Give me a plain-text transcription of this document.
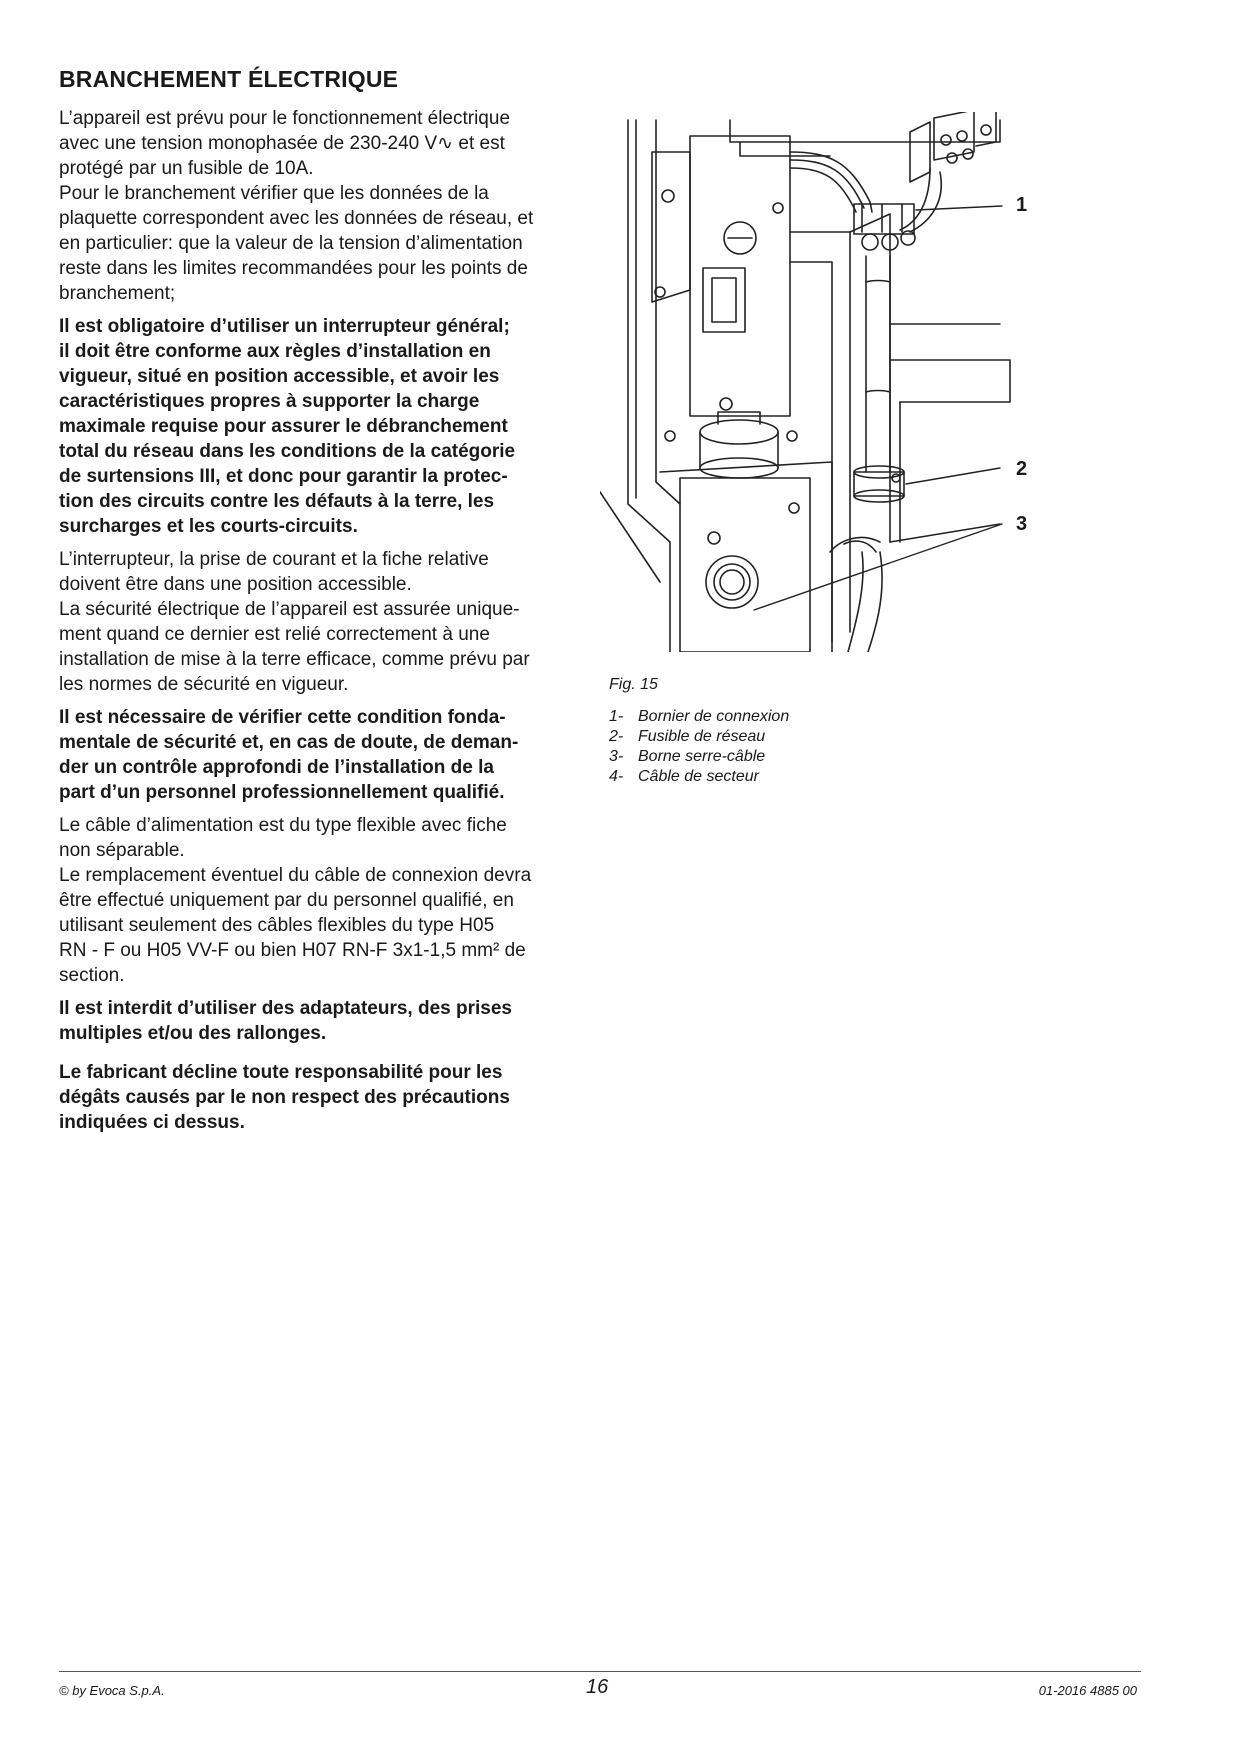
BRANCHEMENT ÉLECTRIQUE

L’appareil est prévu pour le fonctionnement électrique
avec une tension monophasée de 230-240 V∿ et est
protégé par un fusible de 10A.
Pour le branchement vérifier que les données de la
plaquette correspondent avec les données de réseau, et
en particulier: que la valeur de la tension d’alimentation
reste dans les limites recommandées pour les points de
branchement;

Il est obligatoire d’utiliser un interrupteur général;
il doit être conforme aux règles d’installation en
vigueur, situé en position accessible, et avoir les
caractéristiques propres à supporter la charge
maximale requise pour assurer le débranchement
total du réseau dans les conditions de la catégorie
de surtensions III, et donc pour garantir la protec-
tion des circuits contre les défauts à la terre, les
surcharges et les courts-circuits.

L’interrupteur, la prise de courant et la fiche relative
doivent être dans une position accessible.
La sécurité électrique de l’appareil est assurée unique-
ment quand ce dernier est relié correctement à une
installation de mise à la terre efficace, comme prévu par
les normes de sécurité en vigueur.

Il est nécessaire de vérifier cette condition fonda-
mentale de sécurité et, en cas de doute, de deman-
der un contrôle approfondi de l’installation de la
part d’un personnel professionnellement qualifié.

Le câble d’alimentation est du type flexible avec fiche
non séparable.
Le remplacement éventuel du câble de connexion devra
être effectué uniquement par du personnel qualifié, en
utilisant seulement des câbles flexibles du type H05
RN - F ou H05 VV-F ou bien H07 RN-F 3x1-1,5 mm² de
section.

Il est interdit d’utiliser des adaptateurs, des prises
multiples et/ou des rallonges.

Le fabricant décline toute responsabilité pour les
dégâts causés par le non respect des précautions
indiquées ci dessus.

1
2
3
Fig. 15
1- Bornier de connexion
2- Fusible de réseau
3- Borne serre-câble
4- Câble de secteur
© by Evoca S.p.A.	16	01-2016 4885 00
